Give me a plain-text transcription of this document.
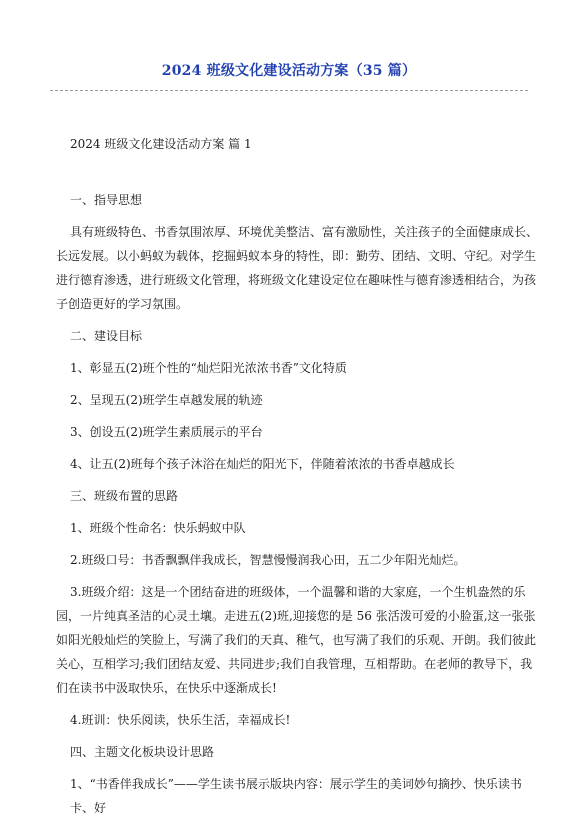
2024 班级文化建设活动方案（35 篇）

2024 班级文化建设活动方案 篇 1

一、指导思想

具有班级特色、书香氛围浓厚、环境优美整洁、富有激励性，关注孩子的全面健康成长、长远发展。以小蚂蚁为载体，挖掘蚂蚁本身的特性，即：勤劳、团结、文明、守纪。对学生进行德育渗透，进行班级文化管理，将班级文化建设定位在趣味性与德育渗透相结合，为孩子创造更好的学习氛围。

二、建设目标

1、彰显五(2)班个性的“灿烂阳光浓浓书香”文化特质

2、呈现五(2)班学生卓越发展的轨迹

3、创设五(2)班学生素质展示的平台

4、让五(2)班每个孩子沐浴在灿烂的阳光下，伴随着浓浓的书香卓越成长

三、班级布置的思路

1、班级个性命名：快乐蚂蚁中队

2.班级口号：书香飘飘伴我成长，智慧慢慢润我心田，五二少年阳光灿烂。

3.班级介绍：这是一个团结奋进的班级体，一个温馨和谐的大家庭，一个生机盎然的乐园，一片纯真圣洁的心灵土壤。走进五(2)班,迎接您的是 56 张活泼可爱的小脸蛋,这一张张如阳光般灿烂的笑脸上，写满了我们的天真、稚气，也写满了我们的乐观、开朗。我们彼此关心，互相学习;我们团结友爱、共同进步;我们自我管理，互相帮助。在老师的教导下，我们在读书中汲取快乐，在快乐中逐渐成长!

4.班训：快乐阅读，快乐生活，幸福成长!

四、主题文化板块设计思路

1、“书香伴我成长”——学生读书展示版块内容：展示学生的美词妙句摘抄、快乐读书卡、好
